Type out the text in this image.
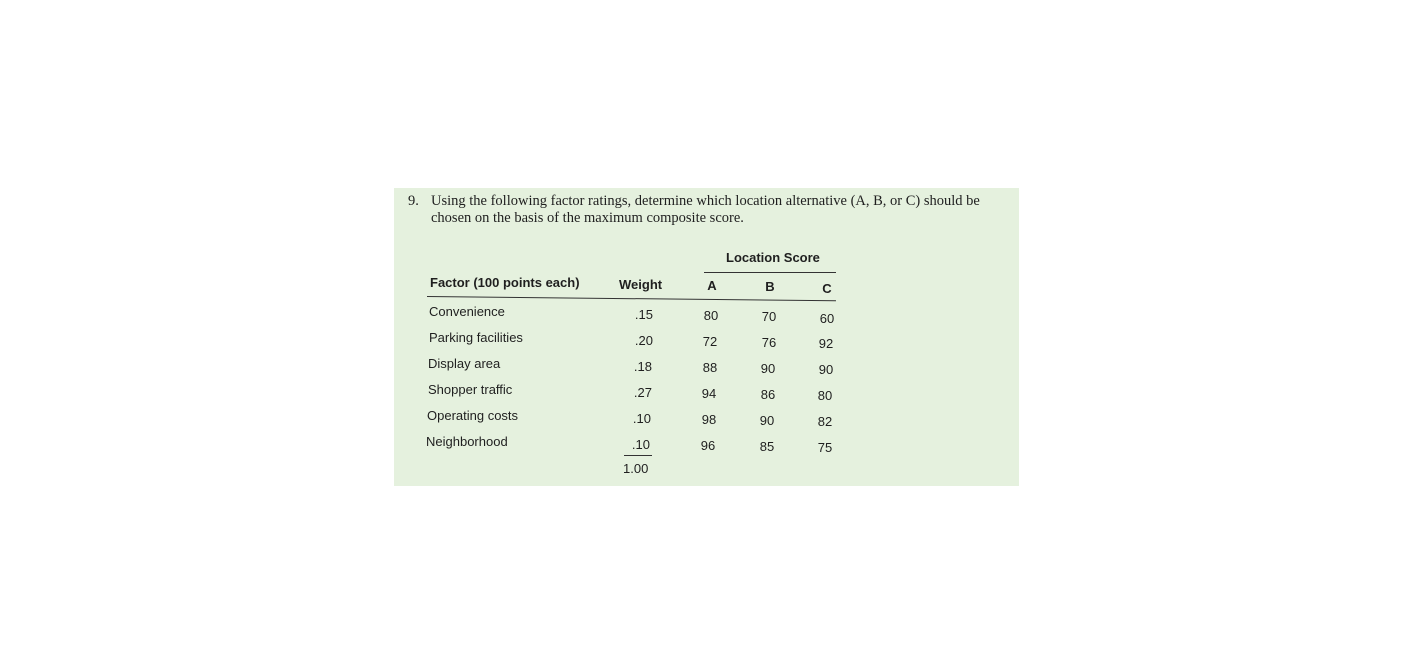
9. Using the following factor ratings, determine which location alternative (A, B, or C) should be chosen on the basis of the maximum composite score.
Location Score
Factor (100 points each)	Weight	A	B	C
Convenience	.15	80	70	60
Parking facilities	.20	72	76	92
Display area	.18	88	90	90
Shopper traffic	.27	94	86	80
Operating costs	.10	98	90	82
Neighborhood	.10	96	85	75
1.00
